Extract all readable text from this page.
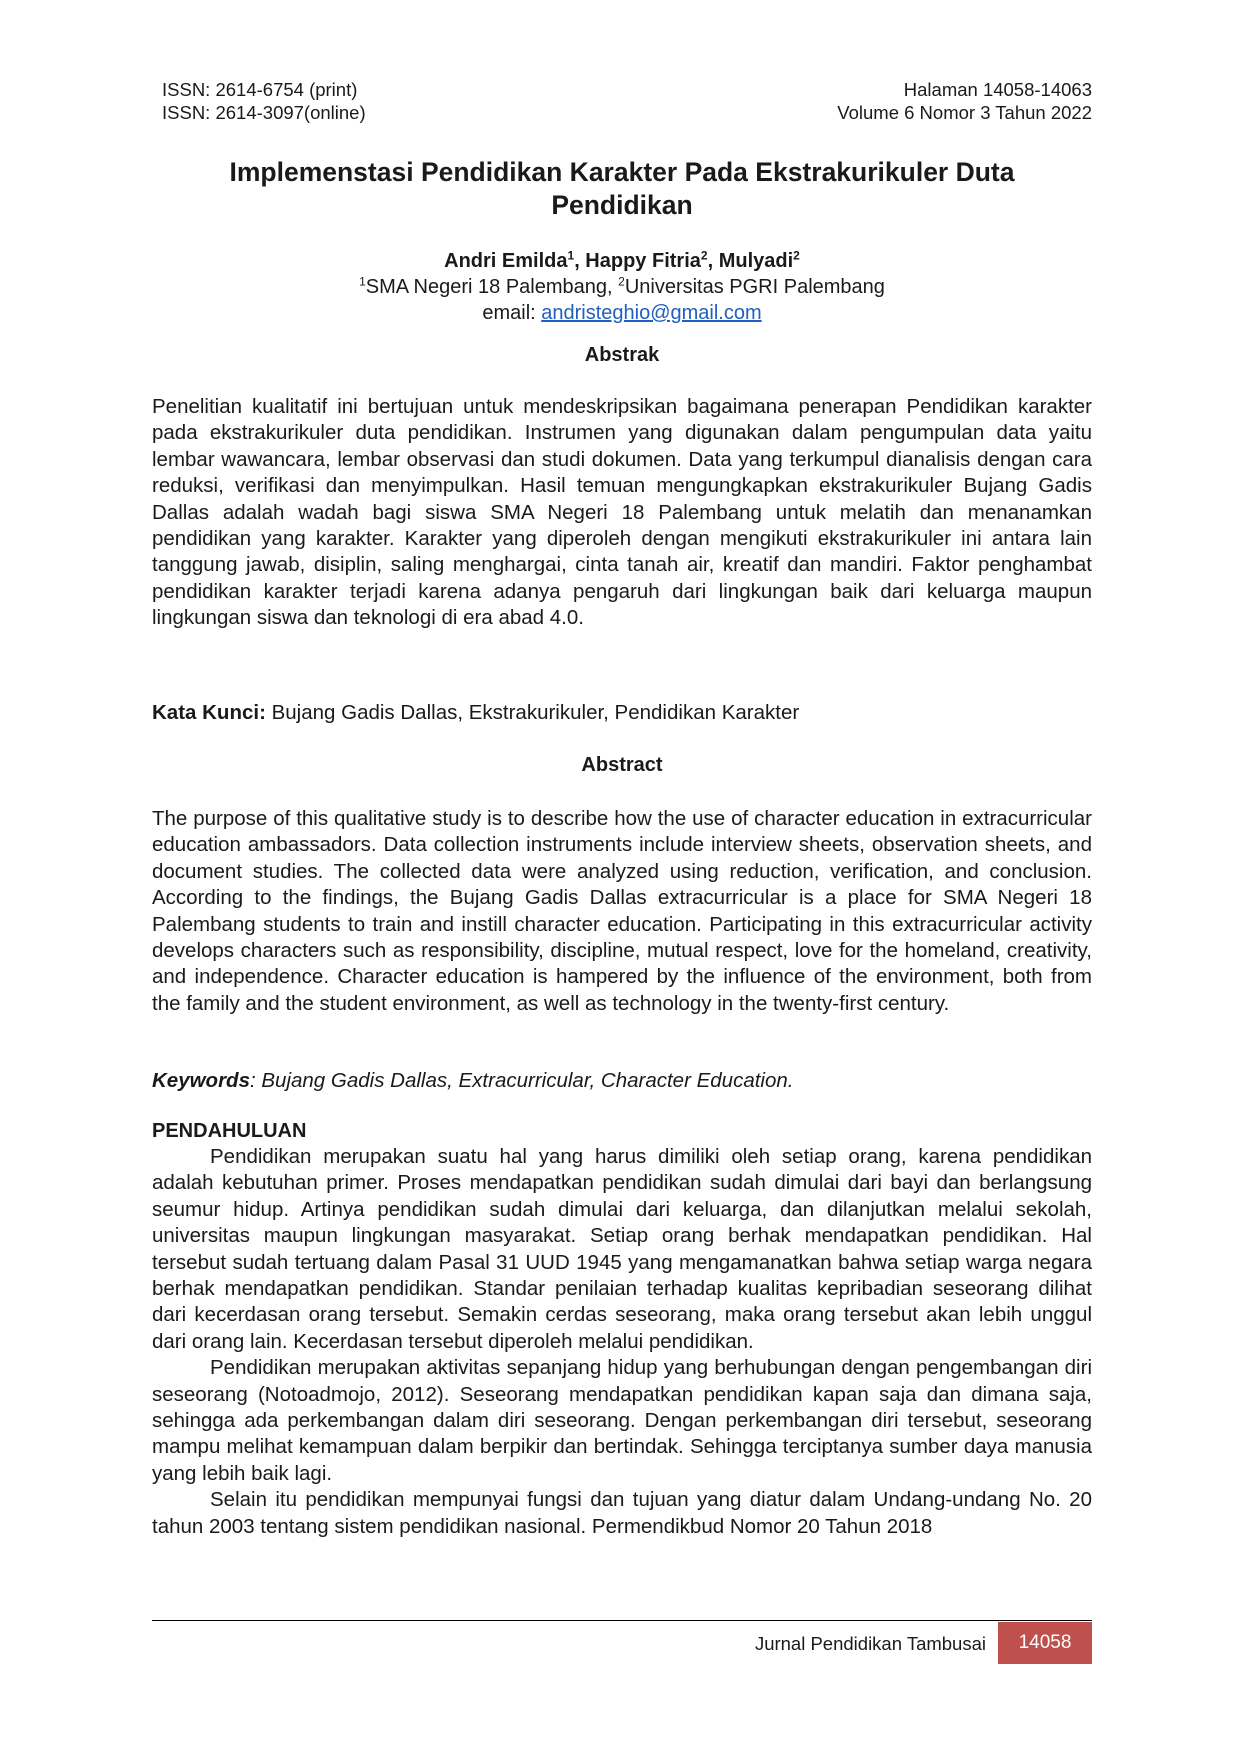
ISSN: 2614-6754 (print)
ISSN: 2614-3097(online)
Halaman 14058-14063
Volume 6 Nomor 3 Tahun 2022
Implemenstasi Pendidikan Karakter Pada Ekstrakurikuler Duta
Pendidikan
Andri Emilda$^1$, Happy Fitria$^2$, Mulyadi$^2$
$^1$SMA Negeri 18 Palembang, $^2$Universitas PGRI Palembang
email: andristeghio@gmail.com
Abstrak

Penelitian kualitatif ini bertujuan untuk mendeskripsikan bagaimana penerapan Pendidikan karakter pada ekstrakurikuler duta pendidikan. Instrumen yang digunakan dalam pengumpulan data yaitu lembar wawancara, lembar observasi dan studi dokumen. Data yang terkumpul dianalisis dengan cara reduksi, verifikasi dan menyimpulkan. Hasil temuan mengungkapkan ekstrakurikuler Bujang Gadis Dallas adalah wadah bagi siswa SMA Negeri 18 Palembang untuk melatih dan menanamkan pendidikan yang karakter. Karakter yang diperoleh dengan mengikuti ekstrakurikuler ini antara lain tanggung jawab, disiplin, saling menghargai, cinta tanah air, kreatif dan mandiri. Faktor penghambat pendidikan karakter terjadi karena adanya pengaruh dari lingkungan baik dari keluarga maupun lingkungan siswa dan teknologi di era abad 4.0.

Kata Kunci: Bujang Gadis Dallas, Ekstrakurikuler, Pendidikan Karakter
Abstract

The purpose of this qualitative study is to describe how the use of character education in extracurricular education ambassadors. Data collection instruments include interview sheets, observation sheets, and document studies. The collected data were analyzed using reduction, verification, and conclusion. According to the findings, the Bujang Gadis Dallas extracurricular is a place for SMA Negeri 18 Palembang students to train and instill character education. Participating in this extracurricular activity develops characters such as responsibility, discipline, mutual respect, love for the homeland, creativity, and independence. Character education is hampered by the influence of the environment, both from the family and the student environment, as well as technology in the twenty-first century.

Keywords: Bujang Gadis Dallas, Extracurricular, Character Education.
PENDAHULUAN

Pendidikan merupakan suatu hal yang harus dimiliki oleh setiap orang, karena pendidikan adalah kebutuhan primer. Proses mendapatkan pendidikan sudah dimulai dari bayi dan berlangsung seumur hidup. Artinya pendidikan sudah dimulai dari keluarga, dan dilanjutkan melalui sekolah, universitas maupun lingkungan masyarakat. Setiap orang berhak mendapatkan pendidikan. Hal tersebut sudah tertuang dalam Pasal 31 UUD 1945 yang mengamanatkan bahwa setiap warga negara berhak mendapatkan pendidikan. Standar penilaian terhadap kualitas kepribadian seseorang dilihat dari kecerdasan orang tersebut. Semakin cerdas seseorang, maka orang tersebut akan lebih unggul dari orang lain. Kecerdasan tersebut diperoleh melalui pendidikan.

Pendidikan merupakan aktivitas sepanjang hidup yang berhubungan dengan pengembangan diri seseorang (Notoadmojo, 2012). Seseorang mendapatkan pendidikan kapan saja dan dimana saja, sehingga ada perkembangan dalam diri seseorang. Dengan perkembangan diri tersebut, seseorang mampu melihat kemampuan dalam berpikir dan bertindak. Sehingga terciptanya sumber daya manusia yang lebih baik lagi.

Selain itu pendidikan mempunyai fungsi dan tujuan yang diatur dalam Undang-undang No. 20 tahun 2003 tentang sistem pendidikan nasional. Permendikbud Nomor 20 Tahun 2018

Jurnal Pendidikan Tambusai	14058
